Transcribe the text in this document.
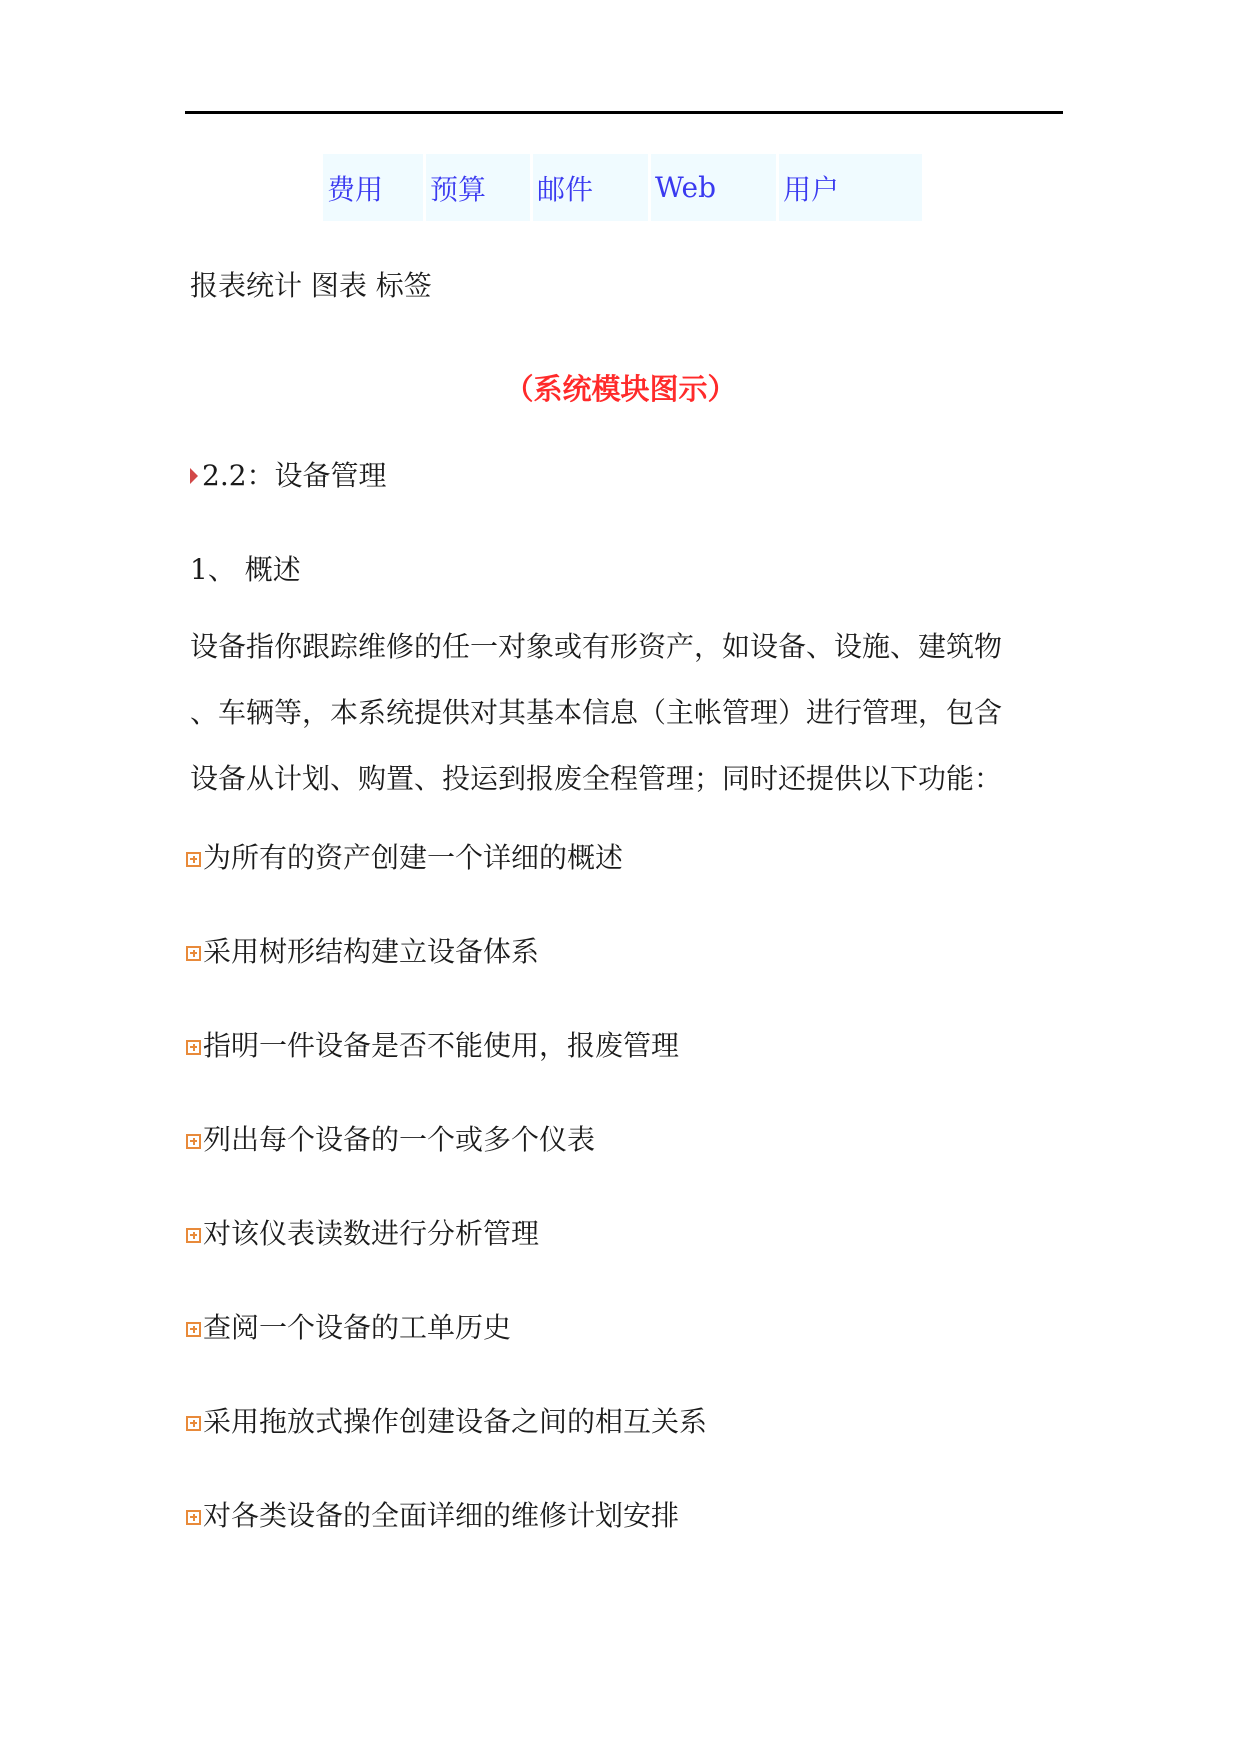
费用	预算	邮件	Web	用户
报表统计 图表 标签
（系统模块图示）
2.2：设备管理
1、 概述
设备指你跟踪维修的任一对象或有形资产，如设备、设施、建筑物
、车辆等，本系统提供对其基本信息（主帐管理）进行管理，包含
设备从计划、购置、投运到报废全程管理；同时还提供以下功能：
为所有的资产创建一个详细的概述
采用树形结构建立设备体系
指明一件设备是否不能使用，报废管理
列出每个设备的一个或多个仪表
对该仪表读数进行分析管理
查阅一个设备的工单历史
采用拖放式操作创建设备之间的相互关系
对各类设备的全面详细的维修计划安排
